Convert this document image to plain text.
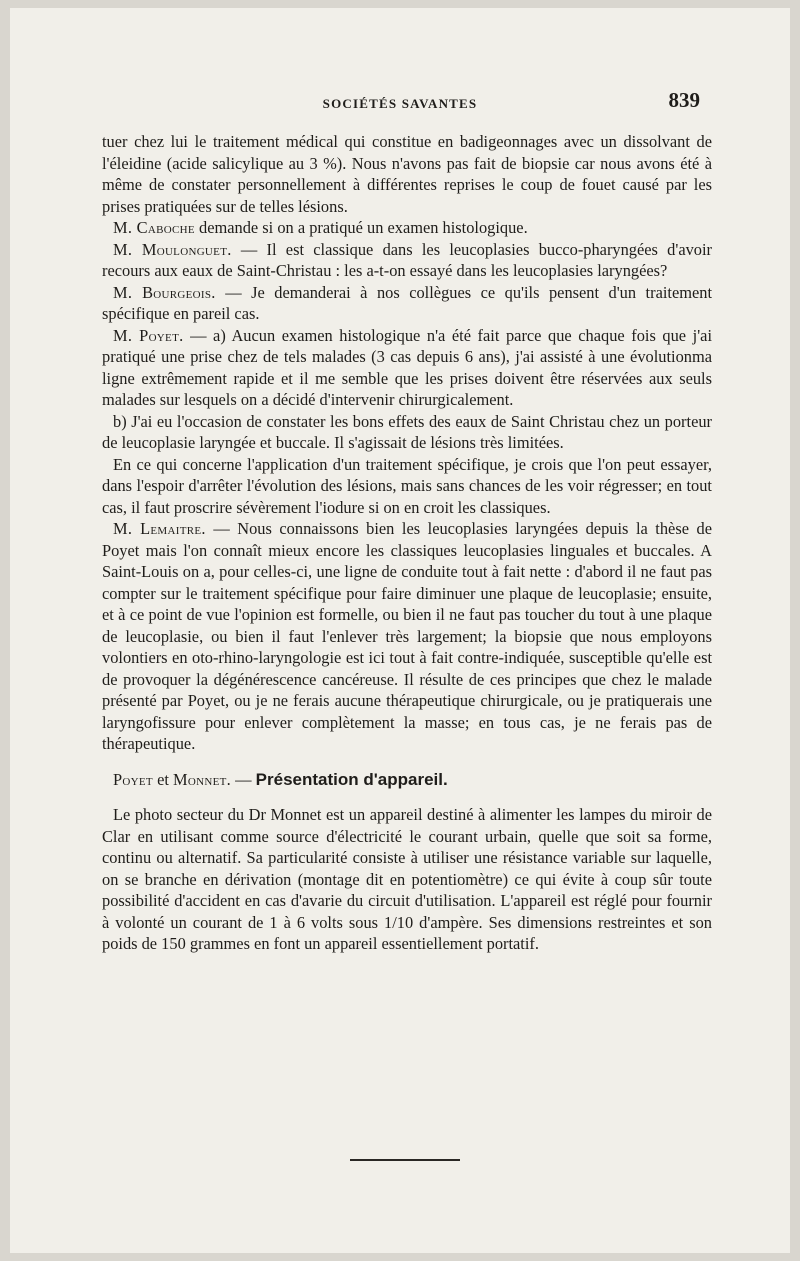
SOCIÉTÉS SAVANTES	839

tuer chez lui le traitement médical qui constitue en badigeonnages avec un dissolvant de l'éleidine (acide salicylique au 3 %). Nous n'avons pas fait de biopsie car nous avons été à même de constater personnellement à différentes reprises le coup de fouet causé par les prises pratiquées sur de telles lésions.

M. Caboche demande si on a pratiqué un examen histologique.

M. Moulonguet. — Il est classique dans les leucoplasies bucco-pharyngées d'avoir recours aux eaux de Saint-Christau : les a-t-on essayé dans les leucoplasies laryngées?

M. Bourgeois. — Je demanderai à nos collègues ce qu'ils pensent d'un traitement spécifique en pareil cas.

M. Poyet. — a) Aucun examen histologique n'a été fait parce que chaque fois que j'ai pratiqué une prise chez de tels malades (3 cas depuis 6 ans), j'ai assisté à une évolutionma ligne extrêmement rapide et il me semble que les prises doivent être réservées aux seuls malades sur lesquels on a décidé d'intervenir chirurgicalement.

b) J'ai eu l'occasion de constater les bons effets des eaux de Saint Christau chez un porteur de leucoplasie laryngée et buccale. Il s'agissait de lésions très limitées.

En ce qui concerne l'application d'un traitement spécifique, je crois que l'on peut essayer, dans l'espoir d'arrêter l'évolution des lésions, mais sans chances de les voir régresser; en tout cas, il faut proscrire sévèrement l'iodure si on en croit les classiques.

M. Lemaitre. — Nous connaissons bien les leucoplasies laryngées depuis la thèse de Poyet mais l'on connaît mieux encore les classiques leucoplasies linguales et buccales. A Saint-Louis on a, pour celles-ci, une ligne de conduite tout à fait nette : d'abord il ne faut pas compter sur le traitement spécifique pour faire diminuer une plaque de leucoplasie; ensuite, et à ce point de vue l'opinion est formelle, ou bien il ne faut pas toucher du tout à une plaque de leucoplasie, ou bien il faut l'enlever très largement; la biopsie que nous employons volontiers en oto-rhino-laryngologie est ici tout à fait contre-indiquée, susceptible qu'elle est de provoquer la dégénérescence cancéreuse. Il résulte de ces principes que chez le malade présenté par Poyet, ou je ne ferais aucune thérapeutique chirurgicale, ou je pratiquerais une laryngofissure pour enlever complètement la masse; en tous cas, je ne ferais pas de thérapeutique.

Poyet et Monnet. — Présentation d'appareil.

Le photo secteur du Dr Monnet est un appareil destiné à alimenter les lampes du miroir de Clar en utilisant comme source d'électricité le courant urbain, quelle que soit sa forme, continu ou alternatif. Sa particularité consiste à utiliser une résistance variable sur laquelle, on se branche en dérivation (montage dit en potentiomètre) ce qui évite à coup sûr toute possibilité d'accident en cas d'avarie du circuit d'utilisation. L'appareil est réglé pour fournir à volonté un courant de 1 à 6 volts sous 1/10 d'ampère. Ses dimensions restreintes et son poids de 150 grammes en font un appareil essentiellement portatif.
